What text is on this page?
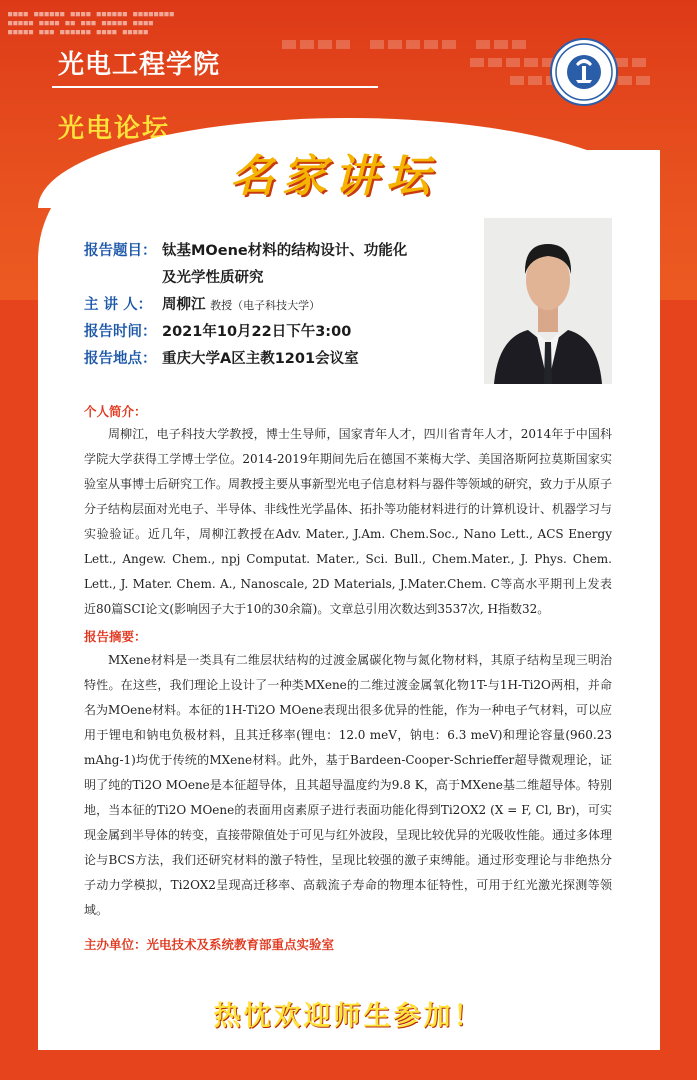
■■■■ ■■■■■■ ■■■■ ■■■■■■ ■■■■■■■■
■■■■■ ■■■■ ■■ ■■■ ■■■■■ ■■■■
■■■■■ ■■■ ■■■■■■ ■■■■ ■■■■■
光电工程学院
光电论坛
名家讲坛
报告题目： 钛基MOene材料的结构设计、功能化
及光学性质研究
主 讲 人： 周柳江 教授（电子科技大学）
报告时间： 2021年10月22日下午3:00
报告地点： 重庆大学A区主教1201会议室
个人简介：
周柳江，电子科技大学教授，博士生导师，国家青年人才，四川省青年人才，2014年于中国科学院大学获得工学博士学位。2014-2019年期间先后在德国不莱梅大学、美国洛斯阿拉莫斯国家实验室从事博士后研究工作。周教授主要从事新型光电子信息材料与器件等领域的研究，致力于从原子分子结构层面对光电子、半导体、非线性光学晶体、拓扑等功能材料进行的计算机设计、机器学习与实验验证。近几年，周柳江教授在Adv. Mater., J.Am. Chem.Soc., Nano Lett., ACS Energy Lett., Angew. Chem., npj Computat. Mater., Sci. Bull., Chem.Mater., J. Phys. Chem. Lett., J. Mater. Chem. A., Nanoscale, 2D Materials, J.Mater.Chem. C等高水平期刊上发表近80篇SCI论文(影响因子大于10的30余篇)。文章总引用次数达到3537次, H指数32。
报告摘要：
MXene材料是一类具有二维层状结构的过渡金属碳化物与氮化物材料，其原子结构呈现三明治特性。在这些，我们理论上设计了一种类MXene的二维过渡金属氧化物1T-与1H-Ti2O两相，并命名为MOene材料。本征的1H-Ti2O MOene表现出很多优异的性能，作为一种电子气材料，可以应用于锂电和钠电负极材料，且其迁移率(锂电：12.0 meV，钠电：6.3 meV)和理论容量(960.23 mAhg-1)均优于传统的MXene材料。此外，基于Bardeen-Cooper-Schrieffer超导微观理论，证明了纯的Ti2O MOene是本征超导体，且其超导温度约为9.8 K，高于MXene基二维超导体。特别地，当本征的Ti2O MOene的表面用卤素原子进行表面功能化得到Ti2OX2 (X = F, Cl, Br)，可实现金属到半导体的转变，直接带隙值处于可见与红外波段，呈现比较优异的光吸收性能。通过多体理论与BCS方法，我们还研究材料的激子特性，呈现比较强的激子束缚能。通过形变理论与非绝热分子动力学模拟，Ti2OX2呈现高迁移率、高载流子寿命的物理本征特性，可用于红光激光探测等领域。
主办单位：光电技术及系统教育部重点实验室
热忱欢迎师生参加！
